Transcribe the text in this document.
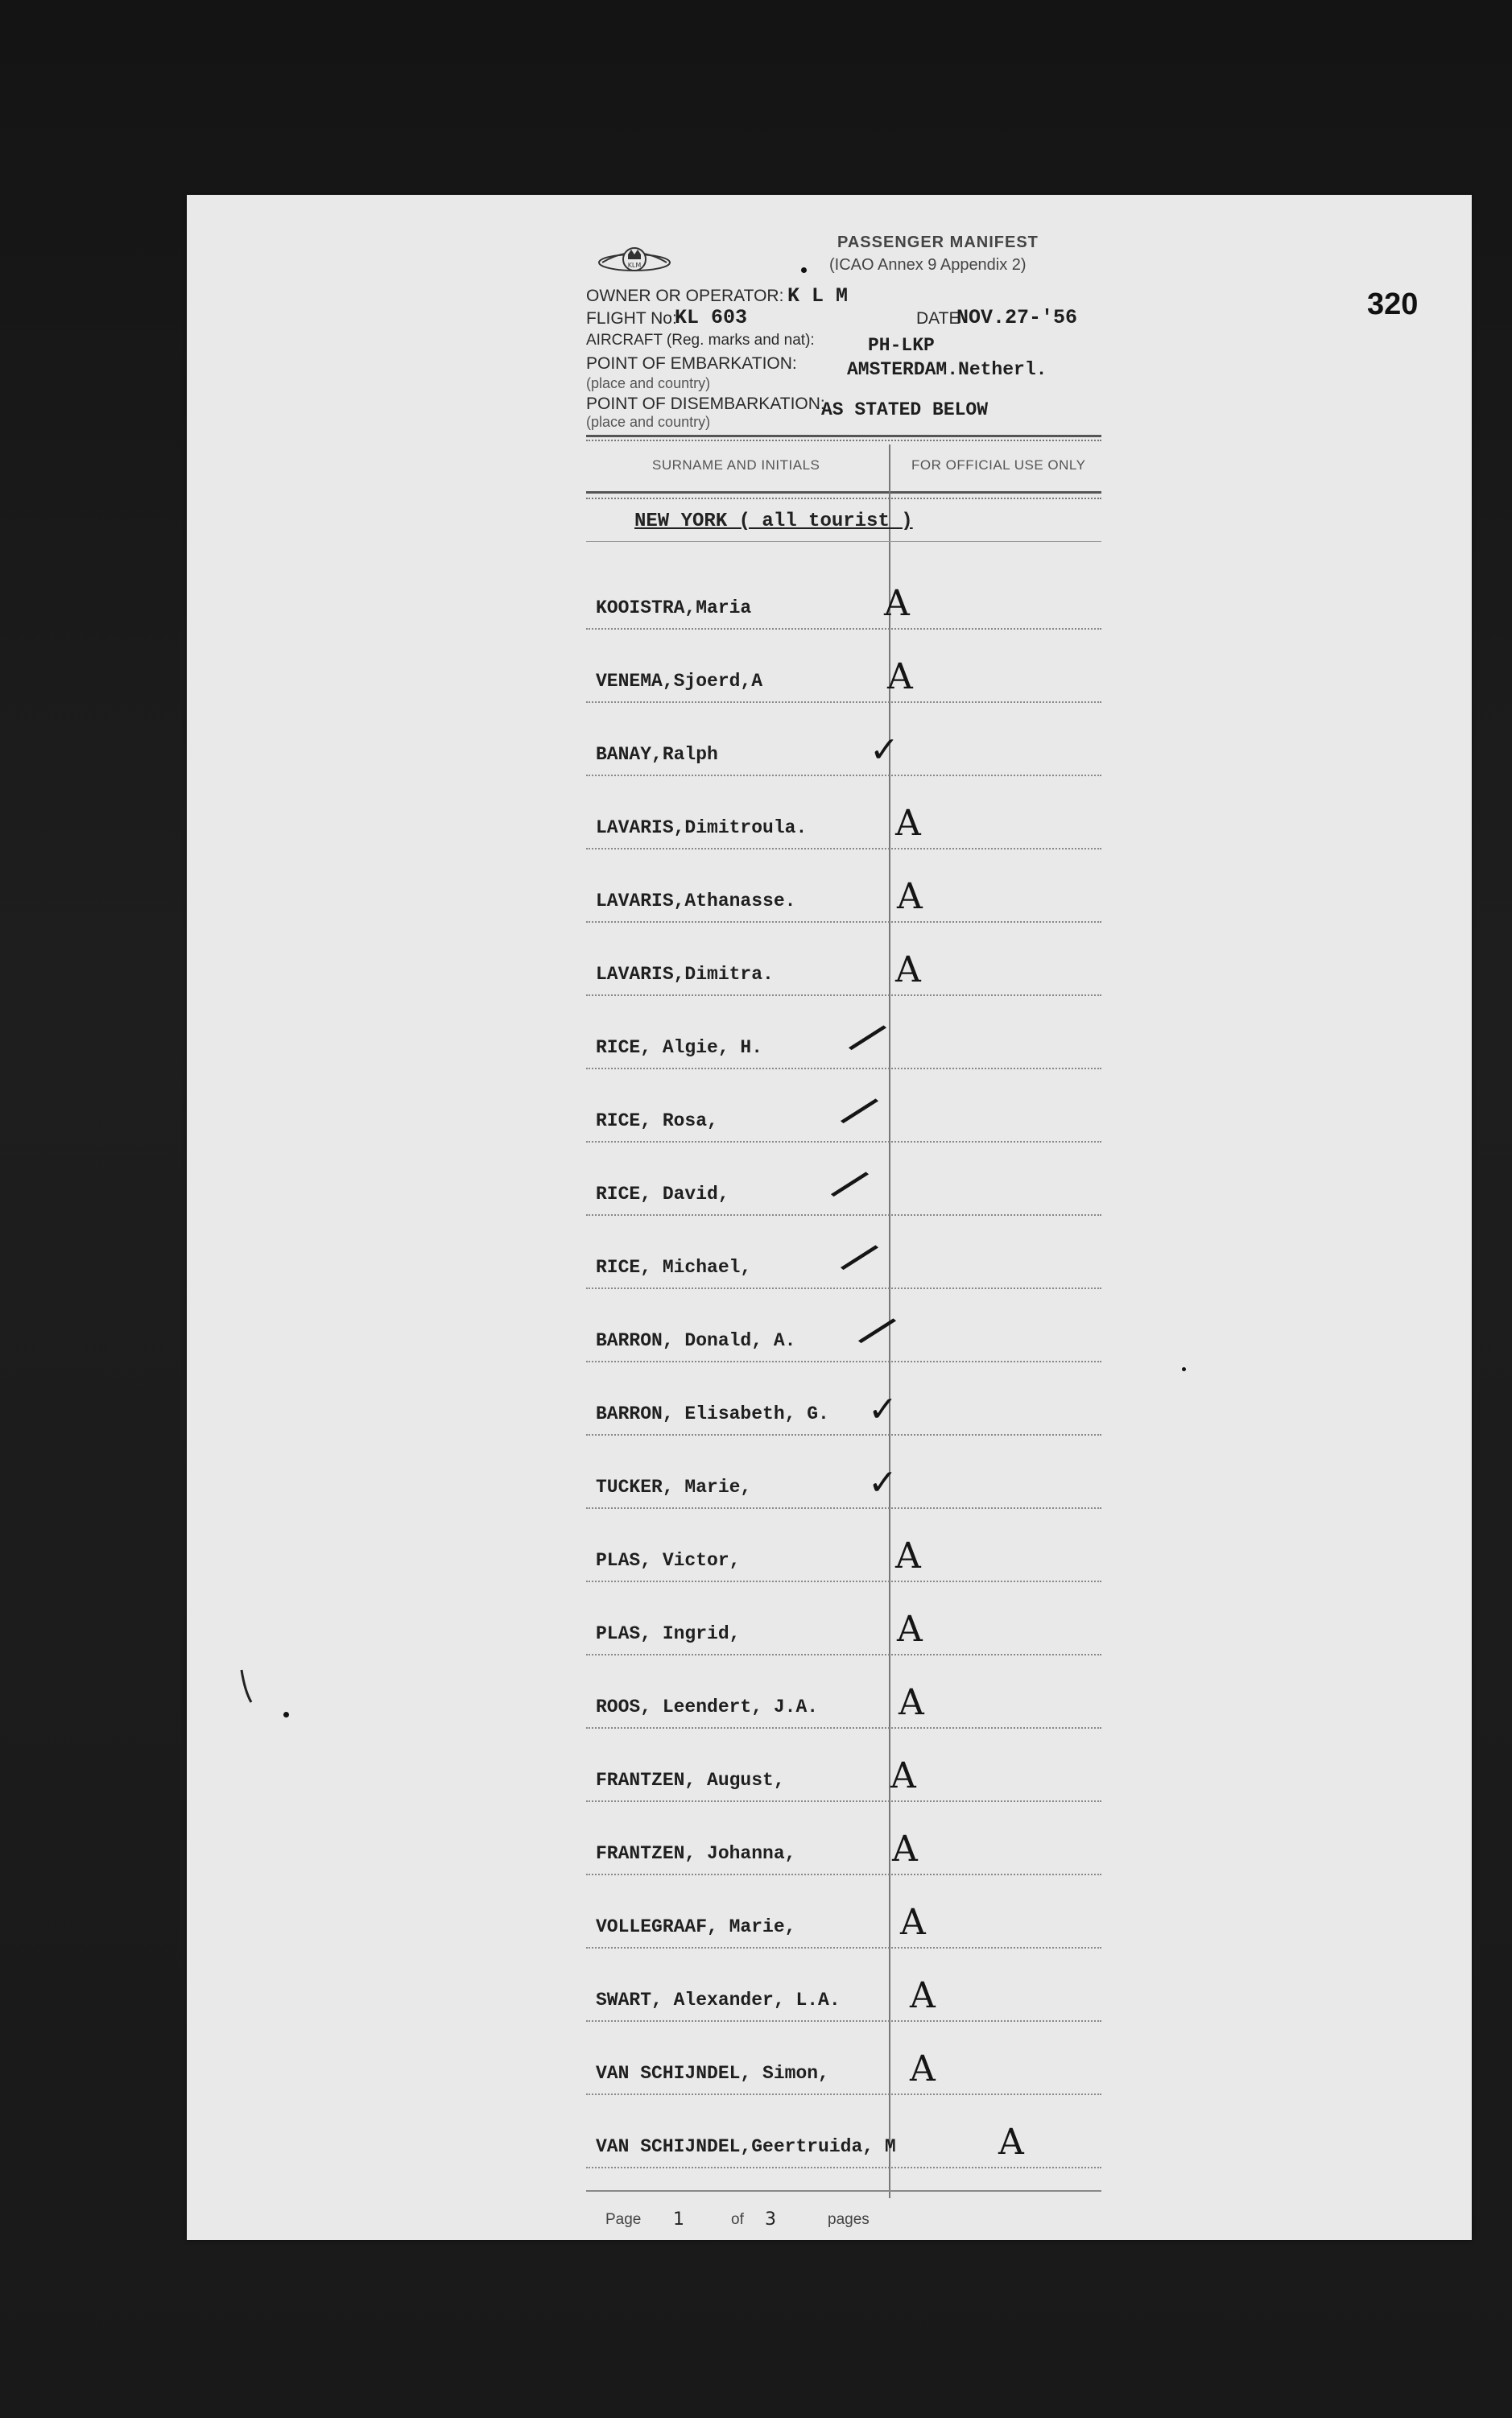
320
KLM
PASSENGER MANIFEST
(ICAO Annex 9 Appendix 2)
OWNER OR OPERATOR: K L M
FLIGHT No:
KL 603	DATE
NOV.27-'56
AIRCRAFT (Reg. marks and nat):	PH-LKP
POINT OF EMBARKATION:
(place and country)
AMSTERDAM.Netherl.
POINT OF DISEMBARKATION:
(place and country)
AS STATED BELOW
SURNAME AND INITIALS	FOR OFFICIAL USE ONLY
NEW YORK ( all tourist )
KOOISTRA,Maria	A
VENEMA,Sjoerd,A	A
BANAY,Ralph	✓
LAVARIS,Dimitroula. A
LAVARIS,Athanasse.	A
LAVARIS,Dimitra.	A
RICE, Algie, H. /
RICE, Rosa, /
RICE, David, /
RICE, Michael, /
BARRON, Donald, A. /
BARRON, Elisabeth, G. ✓
TUCKER, Marie,	✓
PLAS, Victor,	A
PLAS, Ingrid,	A
ROOS, Leendert, J.A. A
FRANTZEN, August,	A
FRANTZEN, Johanna,	A
VOLLEGRAAF, Marie,	A
SWART, Alexander, L.A. A
VAN SCHIJNDEL, Simon, A
VAN SCHIJNDEL,Geertruida, M	A
Page 1	of 3	pages
